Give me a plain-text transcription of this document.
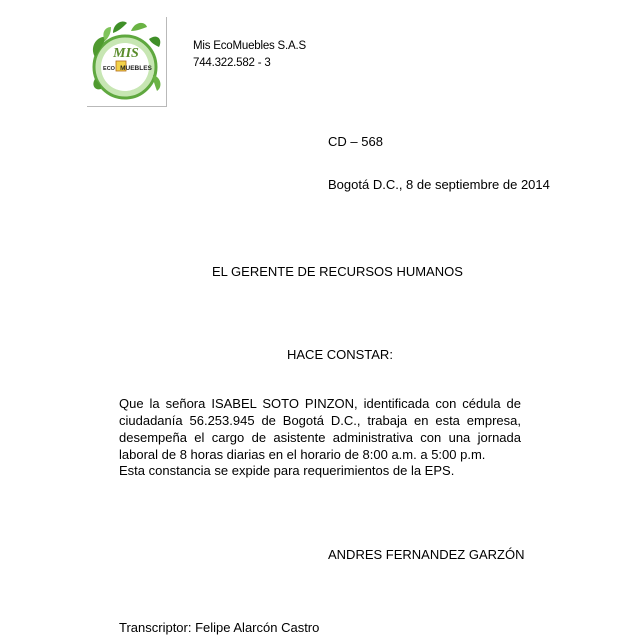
MIS
ECO MUEBLES
Mis EcoMuebles S.A.S
744.322.582 - 3
CD – 568
Bogotá D.C., 8 de septiembre de 2014
EL GERENTE DE RECURSOS HUMANOS
HACE CONSTAR:
Que la señora ISABEL SOTO PINZON, identificada con cédula de ciudadanía 56.253.945 de Bogotá D.C., trabaja en esta empresa, desempeña el cargo de asistente administrativa con una jornada laboral de 8 horas diarias en el horario de 8:00 a.m. a 5:00 p.m.
Esta constancia se expide para requerimientos de la EPS.
ANDRES FERNANDEZ GARZÓN
Transcriptor: Felipe Alarcón Castro
